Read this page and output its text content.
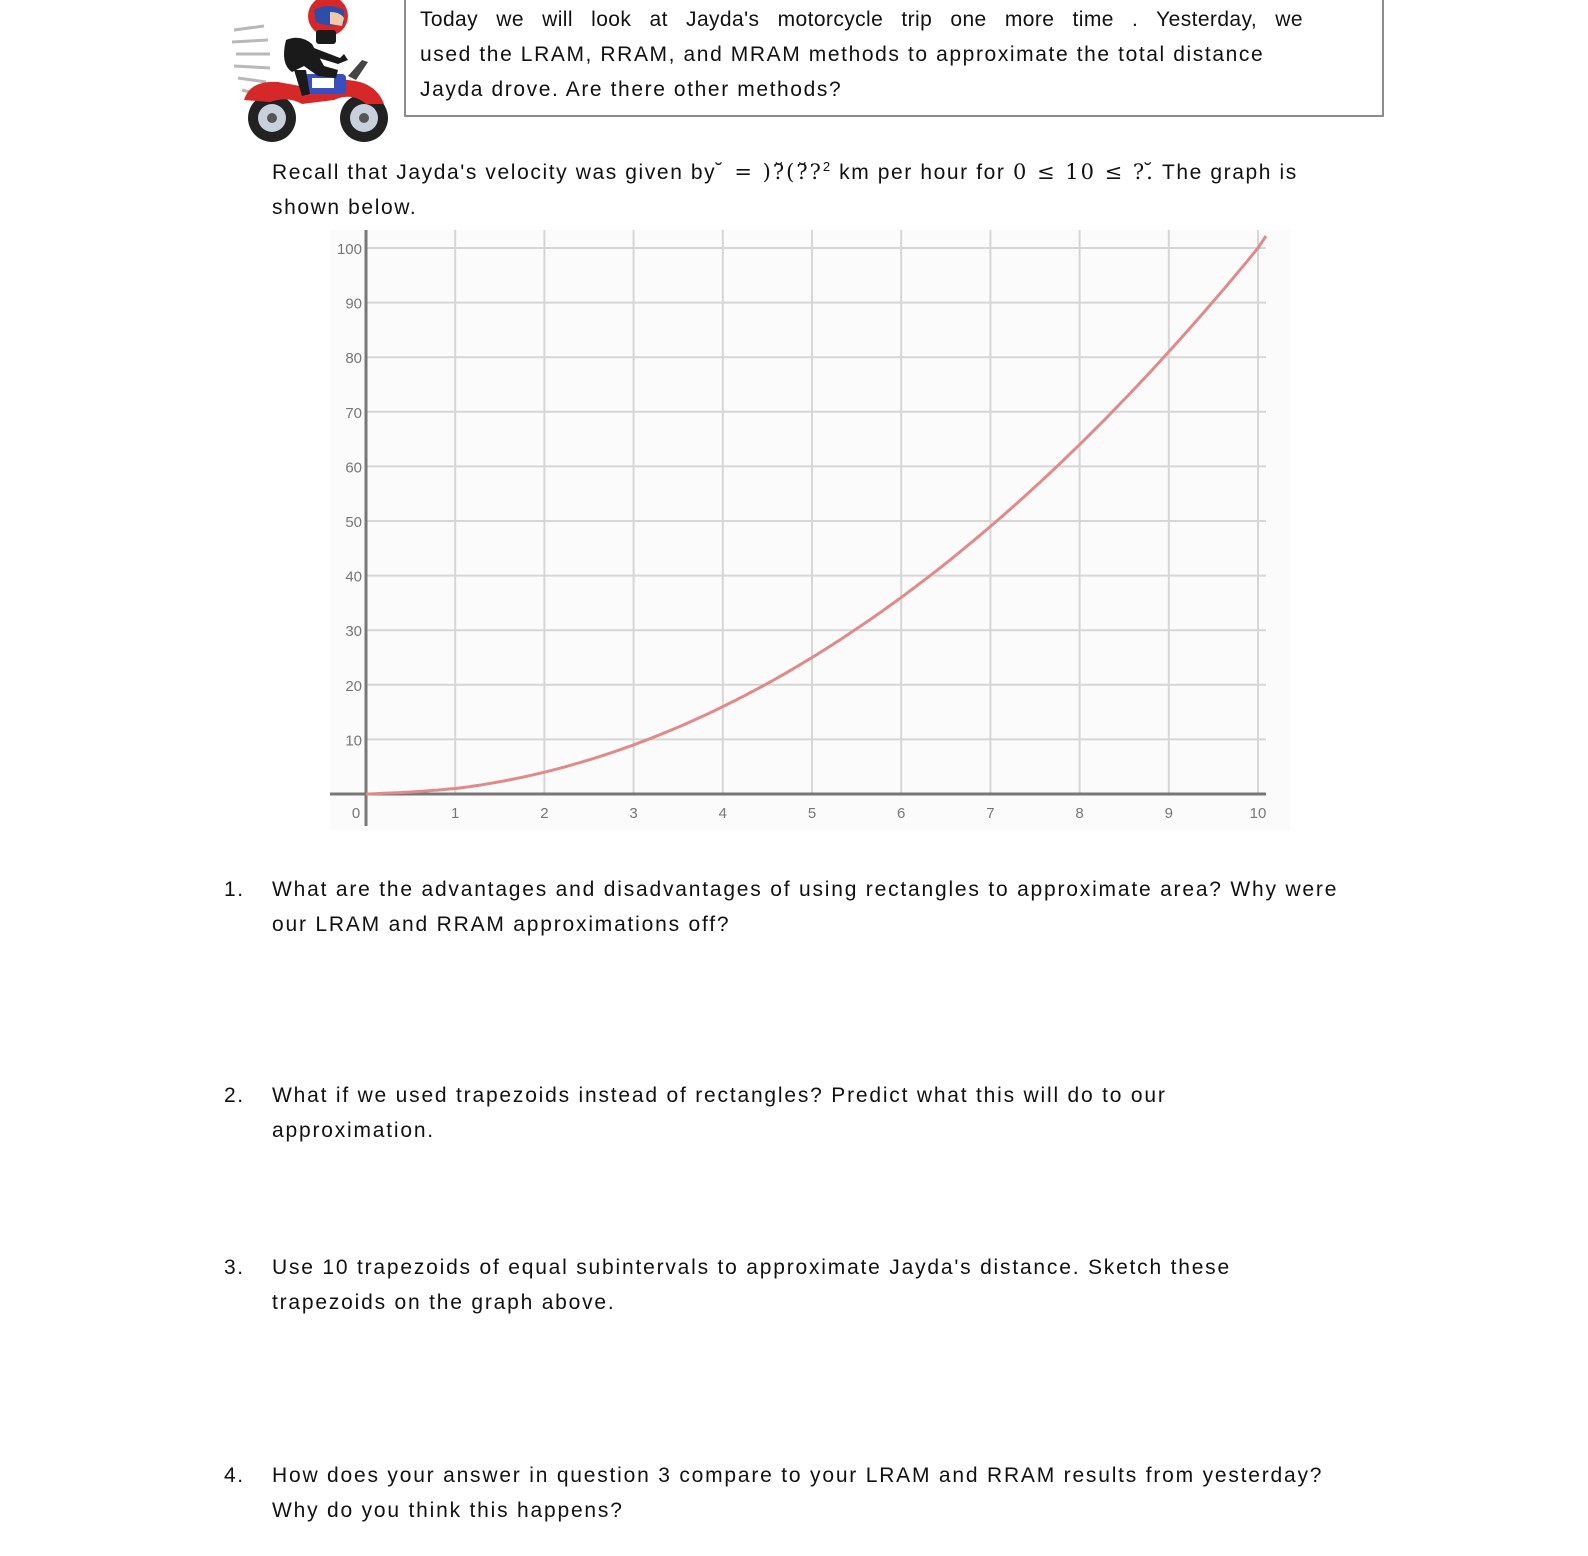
Today we will look at Jayda's motorcycle trip one more time . Yesterday, we
used the LRAM, RRAM, and MRAM methods to approximate the total distance
Jayda drove. Are there other methods?
Recall that Jayda's velocity was given by ̆ = )?̆(?̆?$^2$ km per hour for 0 ≤ 10 ≤ ?.̆ The graph is
shown below.
10
20
30
40
50
60
70
80
90
100
0	1	2	3	4	5	6	7	8	9	10
1. What are the advantages and disadvantages of using rectangles to approximate area? Why were
our LRAM and RRAM approximations off?
2. What if we used trapezoids instead of rectangles? Predict what this will do to our
approximation.
3. Use 10 trapezoids of equal subintervals to approximate Jayda's distance. Sketch these
trapezoids on the graph above.
4. How does your answer in question 3 compare to your LRAM and RRAM results from yesterday?
Why do you think this happens?
